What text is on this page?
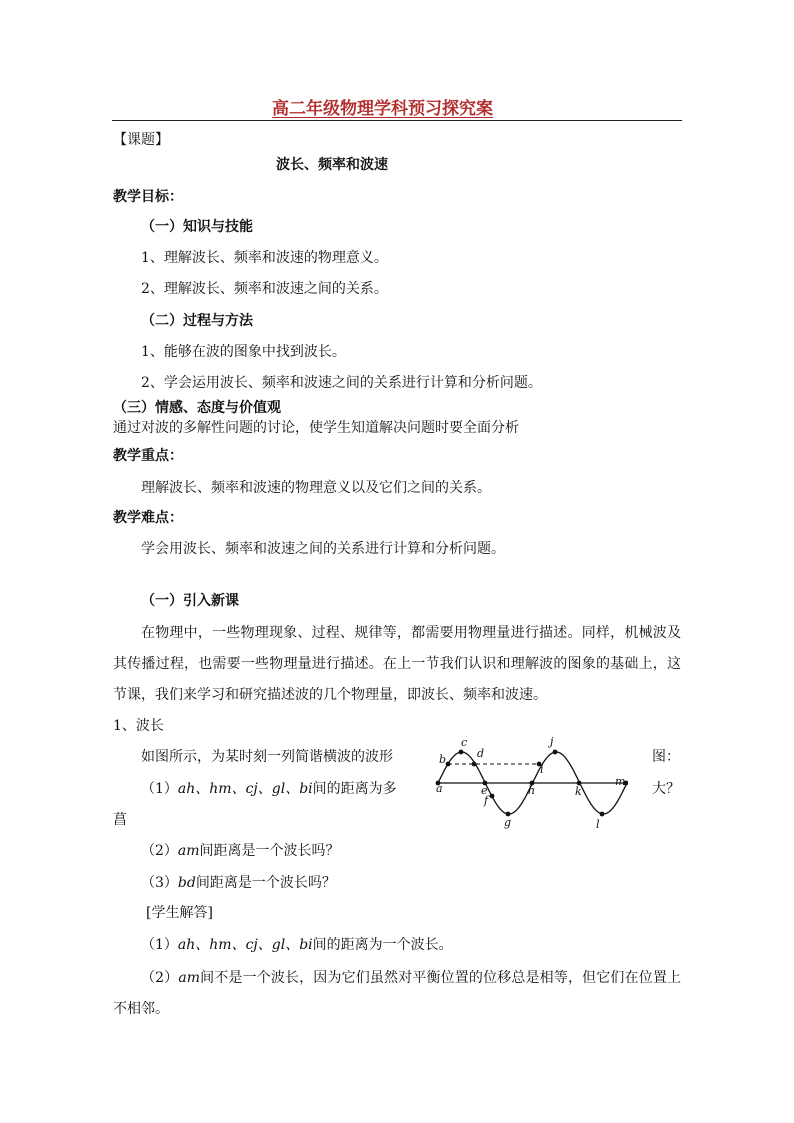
高二年级物理学科预习探究案
【课题】
波长、频率和波速
教学目标：
（一）知识与技能
1、理解波长、频率和波速的物理意义。
2、理解波长、频率和波速之间的关系。
（二）过程与方法
1、能够在波的图象中找到波长。
2、学会运用波长、频率和波速之间的关系进行计算和分析问题。
（三）情感、态度与价值观
通过对波的多解性问题的讨论，使学生知道解决问题时要全面分析
教学重点：
理解波长、频率和波速的物理意义以及它们之间的关系。
教学难点：
学会用波长、频率和波速之间的关系进行计算和分析问题。
（一）引入新课
在物理中，一些物理现象、过程、规律等，都需要用物理量进行描述。同样，机械波及其传播过程，也需要一些物理量进行描述。在上一节我们认识和理解波的图象的基础上，这节课，我们来学习和研究描述波的几个物理量，即波长、频率和波速。
1、波长
如图所示，为某时刻一列简谐横波的波形	图：
（1）ah、hm、cj、gl、bi间的距离为多	大？
菖
（2）am间距离是一个波长吗？
（3）bd间距离是一个波长吗？
[学生解答]
（1）ah、hm、cj、gl、bi间的距离为一个波长。
（2）am间不是一个波长，因为它们虽然对平衡位置的位移总是相等，但它们在位置上不相邻。
a
b
c
d
e
f
g
h
i
j
k
l
m
